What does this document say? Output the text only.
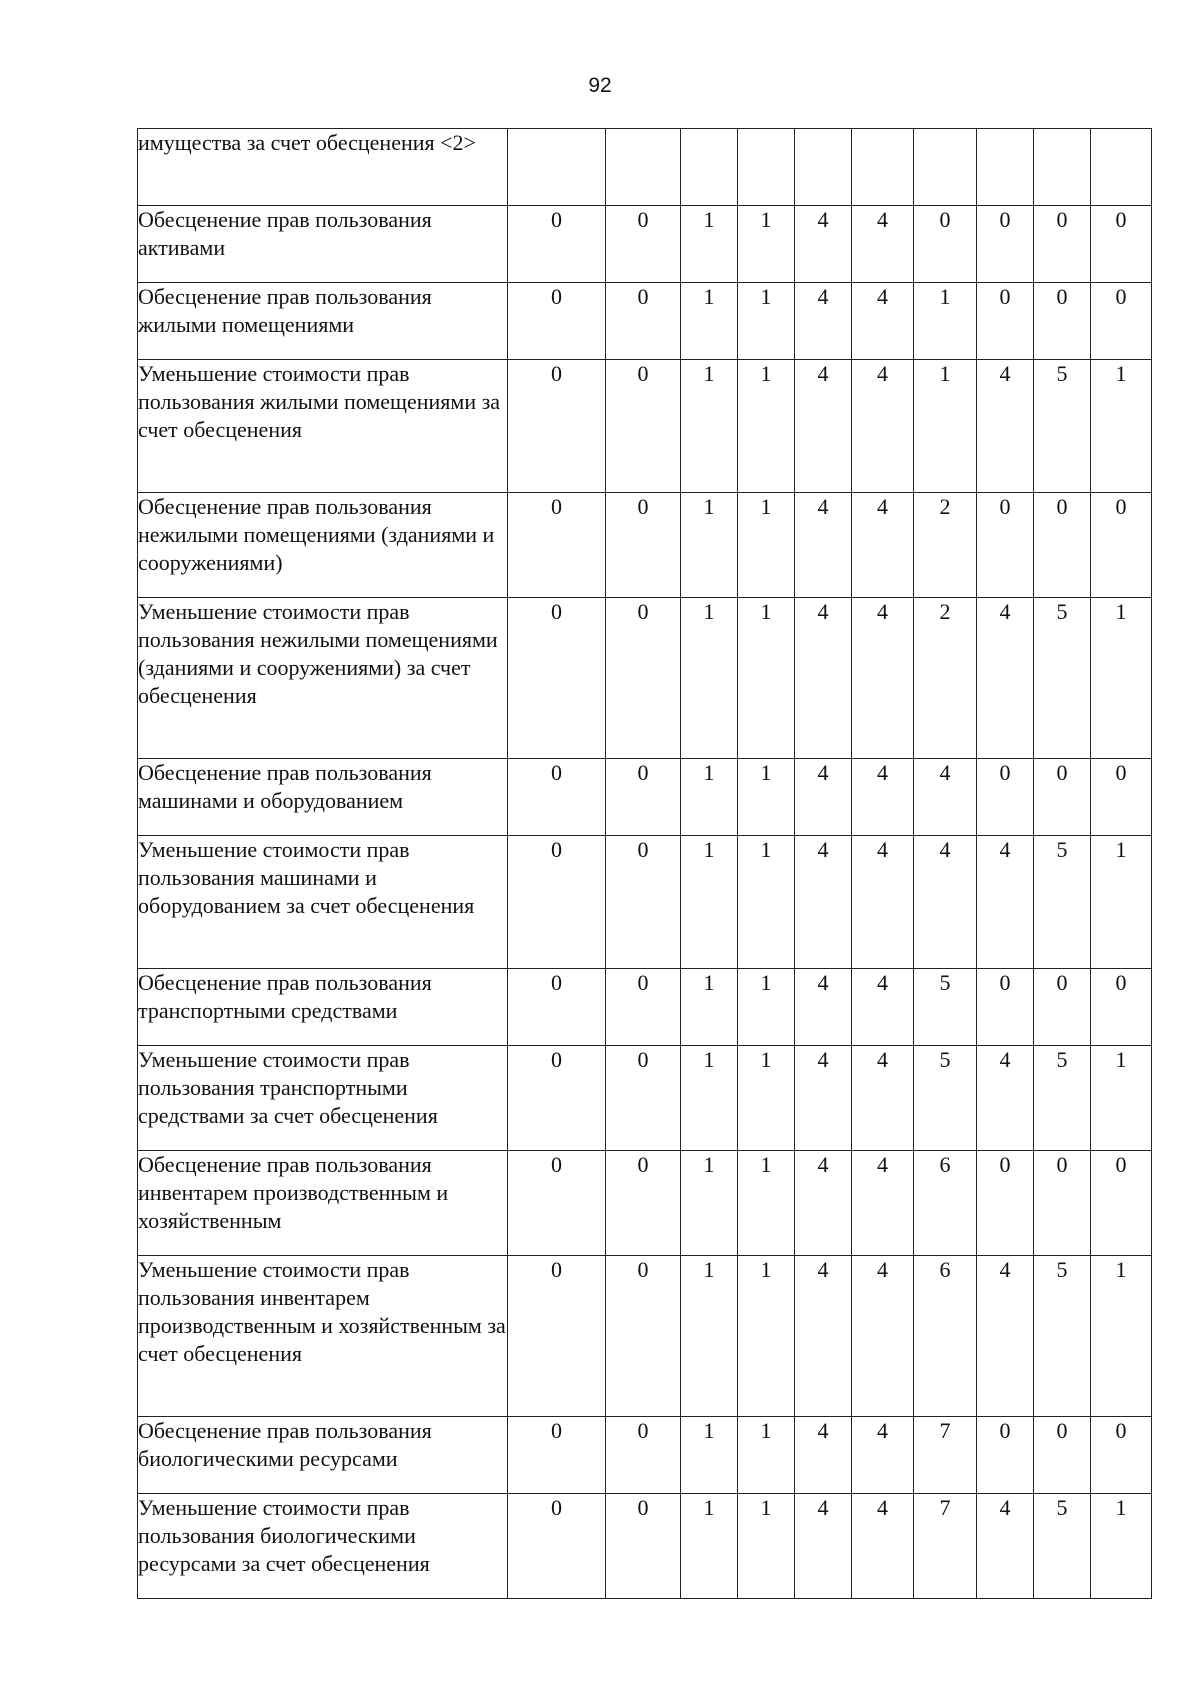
92
имущества за счет обесценения <2>										
Обесценение прав пользования активами	0	0	1	1	4	4	0	0	0	0
Обесценение прав пользования жилыми помещениями	0	0	1	1	4	4	1	0	0	0
Уменьшение стоимости прав пользования жилыми помещениями за счет обесценения	0	0	1	1	4	4	1	4	5	1
Обесценение прав пользования нежилыми помещениями (зданиями и сооружениями)	0	0	1	1	4	4	2	0	0	0
Уменьшение стоимости прав пользования нежилыми помещениями (зданиями и сооружениями) за счет обесценения	0	0	1	1	4	4	2	4	5	1
Обесценение прав пользования машинами и оборудованием	0	0	1	1	4	4	4	0	0	0
Уменьшение стоимости прав пользования машинами и оборудованием за счет обесценения	0	0	1	1	4	4	4	4	5	1
Обесценение прав пользования транспортными средствами	0	0	1	1	4	4	5	0	0	0
Уменьшение стоимости прав пользования транспортными средствами за счет обесценения	0	0	1	1	4	4	5	4	5	1
Обесценение прав пользования инвентарем производственным и хозяйственным	0	0	1	1	4	4	6	0	0	0
Уменьшение стоимости прав пользования инвентарем производственным и хозяйственным за счет обесценения	0	0	1	1	4	4	6	4	5	1
Обесценение прав пользования биологическими ресурсами	0	0	1	1	4	4	7	0	0	0
Уменьшение стоимости прав пользования биологическими ресурсами за счет обесценения	0	0	1	1	4	4	7	4	5	1
